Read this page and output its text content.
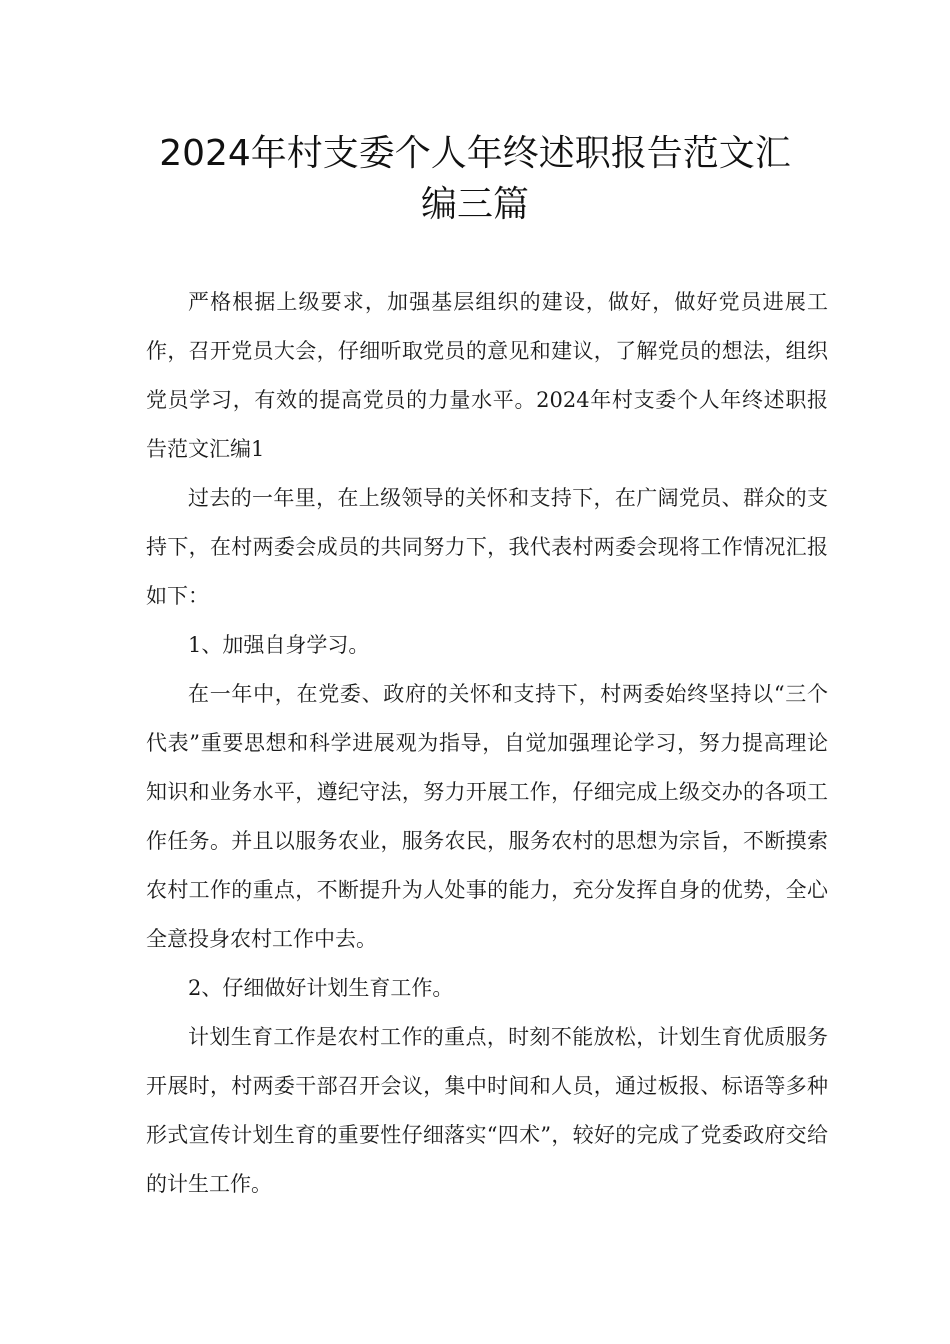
2024年村支委个人年终述职报告范文汇
编三篇

严格根据上级要求，加强基层组织的建设，做好，做好党员进展工作，召开党员大会，仔细听取党员的意见和建议，了解党员的想法，组织党员学习，有效的提高党员的力量水平。2024年村支委个人年终述职报告范文汇编1

过去的一年里，在上级领导的关怀和支持下，在广阔党员、群众的支持下，在村两委会成员的共同努力下，我代表村两委会现将工作情况汇报如下：

1、加强自身学习。

在一年中，在党委、政府的关怀和支持下，村两委始终坚持以“三个代表”重要思想和科学进展观为指导，自觉加强理论学习，努力提高理论知识和业务水平，遵纪守法，努力开展工作，仔细完成上级交办的各项工作任务。并且以服务农业，服务农民，服务农村的思想为宗旨，不断摸索农村工作的重点，不断提升为人处事的能力，充分发挥自身的优势，全心全意投身农村工作中去。

2、仔细做好计划生育工作。

计划生育工作是农村工作的重点，时刻不能放松，计划生育优质服务开展时，村两委干部召开会议，集中时间和人员，通过板报、标语等多种形式宣传计划生育的重要性仔细落实“四术”，较好的完成了党委政府交给的计生工作。
